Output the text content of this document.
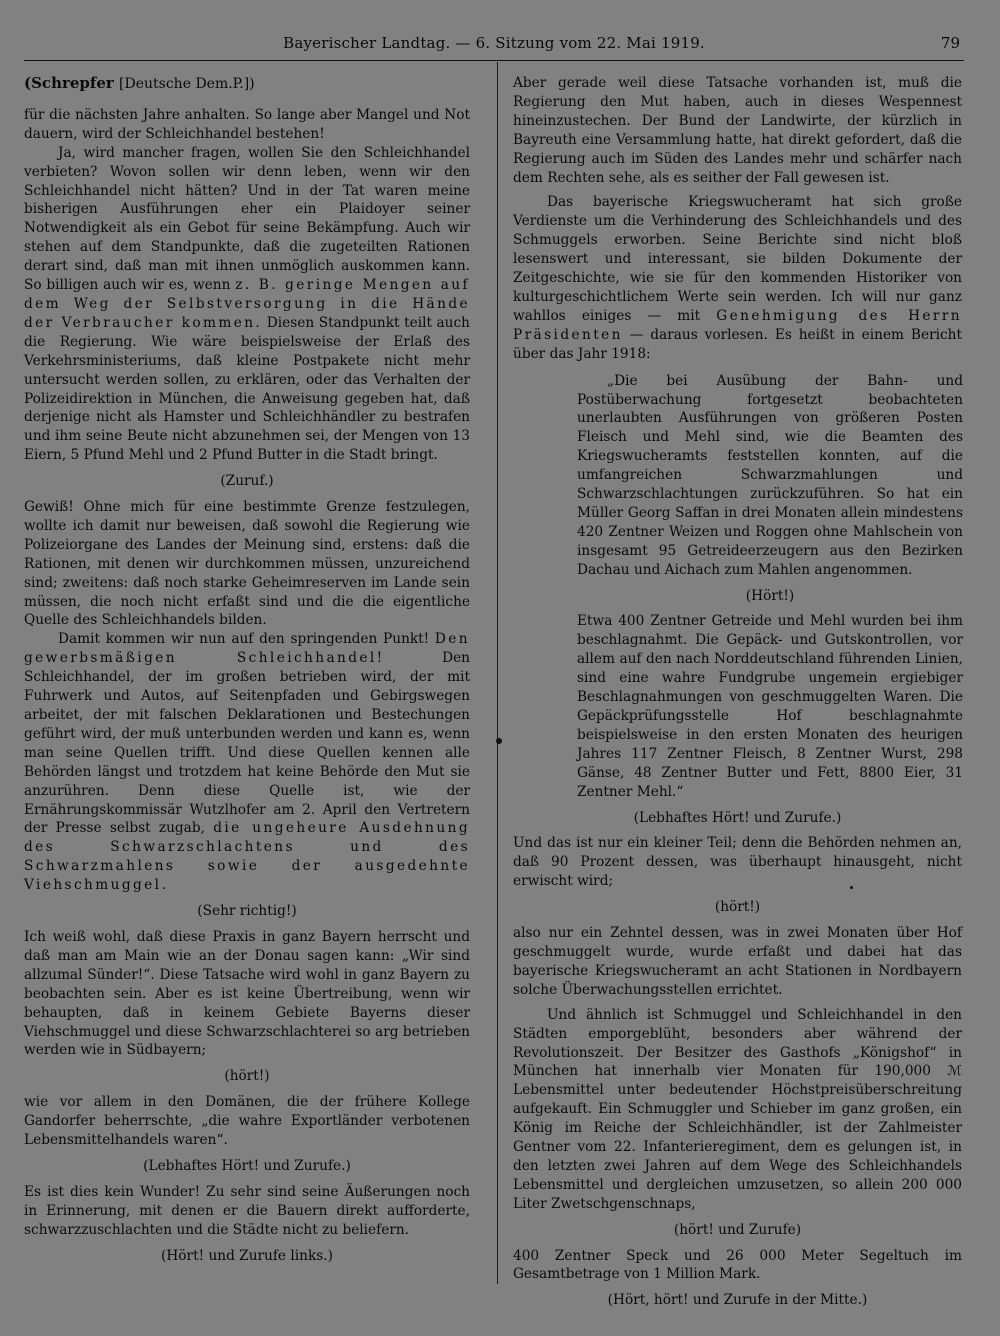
Bayerischer Landtag. — 6. Sitzung vom 22. Mai 1919.	79
(Schrepfer [Deutsche Dem.P.])

für die nächsten Jahre anhalten. So lange aber Mangel und Not dauern, wird der Schleichhandel bestehen!

Ja, wird mancher fragen, wollen Sie den Schleichhandel verbieten? Wovon sollen wir denn leben, wenn wir den Schleichhandel nicht hätten? Und in der Tat waren meine bisherigen Ausführungen eher ein Plaidoyer seiner Notwendigkeit als ein Gebot für seine Bekämpfung. Auch wir stehen auf dem Standpunkte, daß die zugeteilten Rationen derart sind, daß man mit ihnen unmöglich auskommen kann. So billigen auch wir es, wenn z. B. geringe Mengen auf dem Weg der Selbstversorgung in die Hände der Verbraucher kommen. Diesen Standpunkt teilt auch die Regierung. Wie wäre beispielsweise der Erlaß des Verkehrsministeriums, daß kleine Postpakete nicht mehr untersucht werden sollen, zu erklären, oder das Verhalten der Polizeidirektion in München, die Anweisung gegeben hat, daß derjenige nicht als Hamster und Schleichhändler zu bestrafen und ihm seine Beute nicht abzunehmen sei, der Mengen von 13 Eiern, 5 Pfund Mehl und 2 Pfund Butter in die Stadt bringt.

(Zuruf.)

Gewiß! Ohne mich für eine bestimmte Grenze festzulegen, wollte ich damit nur beweisen, daß sowohl die Regierung wie Polizeiorgane des Landes der Meinung sind, erstens: daß die Rationen, mit denen wir durchkommen müssen, unzureichend sind; zweitens: daß noch starke Geheimreserven im Lande sein müssen, die noch nicht erfaßt sind und die die eigentliche Quelle des Schleichhandels bilden.

Damit kommen wir nun auf den springenden Punkt! Den gewerbsmäßigen Schleichhandel! Den Schleichhandel, der im großen betrieben wird, der mit Fuhrwerk und Autos, auf Seitenpfaden und Gebirgswegen arbeitet, der mit falschen Deklarationen und Bestechungen geführt wird, der muß unterbunden werden und kann es, wenn man seine Quellen trifft. Und diese Quellen kennen alle Behörden längst und trotzdem hat keine Behörde den Mut sie anzurühren. Denn diese Quelle ist, wie der Ernährungskommissär Wutzlhofer am 2. April den Vertretern der Presse selbst zugab, die ungeheure Ausdehnung des Schwarzschlachtens und des Schwarzmahlens sowie der ausgedehnte Viehschmuggel.

(Sehr richtig!)

Ich weiß wohl, daß diese Praxis in ganz Bayern herrscht und daß man am Main wie an der Donau sagen kann: „Wir sind allzumal Sünder!“. Diese Tatsache wird wohl in ganz Bayern zu beobachten sein. Aber es ist keine Übertreibung, wenn wir behaupten, daß in keinem Gebiete Bayerns dieser Viehschmuggel und diese Schwarzschlachterei so arg betrieben werden wie in Südbayern;

(hört!)

wie vor allem in den Domänen, die der frühere Kollege Gandorfer beherrschte, „die wahre Exportländer verbotenen Lebensmittelhandels waren“.

(Lebhaftes Hört! und Zurufe.)

Es ist dies kein Wunder! Zu sehr sind seine Äußerungen noch in Erinnerung, mit denen er die Bauern direkt aufforderte, schwarzzuschlachten und die Städte nicht zu beliefern.

(Hört! und Zurufe links.)

Aber gerade weil diese Tatsache vorhanden ist, muß die Regierung den Mut haben, auch in dieses Wespennest hineinzustechen. Der Bund der Landwirte, der kürzlich in Bayreuth eine Versammlung hatte, hat direkt gefordert, daß die Regierung auch im Süden des Landes mehr und schärfer nach dem Rechten sehe, als es seither der Fall gewesen ist.

Das bayerische Kriegswucheramt hat sich große Verdienste um die Verhinderung des Schleichhandels und des Schmuggels erworben. Seine Berichte sind nicht bloß lesenswert und interessant, sie bilden Dokumente der Zeitgeschichte, wie sie für den kommenden Historiker von kulturgeschichtlichem Werte sein werden. Ich will nur ganz wahllos einiges — mit Genehmigung des Herrn Präsidenten — daraus vorlesen. Es heißt in einem Bericht über das Jahr 1918:

„Die bei Ausübung der Bahn- und Postüberwachung fortgesetzt beobachteten unerlaubten Ausführungen von größeren Posten Fleisch und Mehl sind, wie die Beamten des Kriegswucheramts feststellen konnten, auf die umfangreichen Schwarzmahlungen und Schwarzschlachtungen zurückzuführen. So hat ein Müller Georg Saffan in drei Monaten allein mindestens 420 Zentner Weizen und Roggen ohne Mahlschein von insgesamt 95 Getreideerzeugern aus den Bezirken Dachau und Aichach zum Mahlen angenommen.

(Hört!)

Etwa 400 Zentner Getreide und Mehl wurden bei ihm beschlagnahmt. Die Gepäck- und Gutskontrollen, vor allem auf den nach Norddeutschland führenden Linien, sind eine wahre Fundgrube ungemein ergiebiger Beschlagnahmungen von geschmuggelten Waren. Die Gepäckprüfungsstelle Hof beschlagnahmte beispielsweise in den ersten Monaten des heurigen Jahres 117 Zentner Fleisch, 8 Zentner Wurst, 298 Gänse, 48 Zentner Butter und Fett, 8800 Eier, 31 Zentner Mehl.“

(Lebhaftes Hört! und Zurufe.)

Und das ist nur ein kleiner Teil; denn die Behörden nehmen an, daß 90 Prozent dessen, was überhaupt hinausgeht, nicht erwischt wird;

(hört!)

also nur ein Zehntel dessen, was in zwei Monaten über Hof geschmuggelt wurde, wurde erfaßt und dabei hat das bayerische Kriegswucheramt an acht Stationen in Nordbayern solche Überwachungsstellen errichtet.

Und ähnlich ist Schmuggel und Schleichhandel in den Städten emporgeblüht, besonders aber während der Revolutionszeit. Der Besitzer des Gasthofs „Königshof“ in München hat innerhalb vier Monaten für 190,000 ℳ Lebensmittel unter bedeutender Höchstpreisüberschreitung aufgekauft. Ein Schmuggler und Schieber im ganz großen, ein König im Reiche der Schleichhändler, ist der Zahlmeister Gentner vom 22. Infanterieregiment, dem es gelungen ist, in den letzten zwei Jahren auf dem Wege des Schleichhandels Lebensmittel und dergleichen umzusetzen, so allein 200 000 Liter Zwetschgenschnaps,

(hört! und Zurufe)

400 Zentner Speck und 26 000 Meter Segeltuch im Gesamtbetrage von 1 Million Mark.

(Hört, hört! und Zurufe in der Mitte.)
